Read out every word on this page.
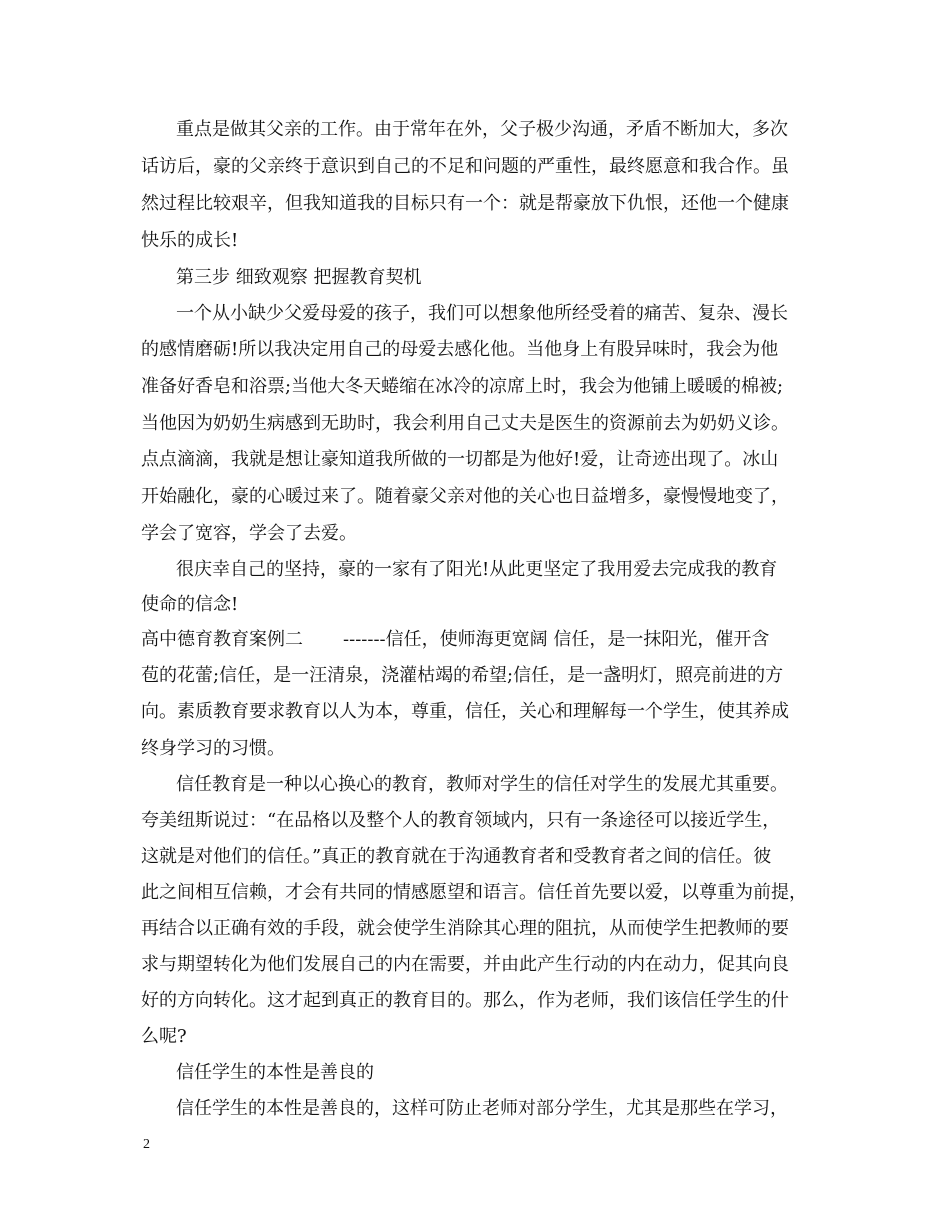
重点是做其父亲的工作。由于常年在外，父子极少沟通，矛盾不断加大，多次
话访后，豪的父亲终于意识到自己的不足和问题的严重性，最终愿意和我合作。虽
然过程比较艰辛，但我知道我的目标只有一个：就是帮豪放下仇恨，还他一个健康
快乐的成长!
第三步 细致观察 把握教育契机
一个从小缺少父爱母爱的孩子，我们可以想象他所经受着的痛苦、复杂、漫长
的感情磨砺!所以我决定用自己的母爱去感化他。当他身上有股异味时，我会为他
准备好香皂和浴票;当他大冬天蜷缩在冰冷的凉席上时，我会为他铺上暖暖的棉被;
当他因为奶奶生病感到无助时，我会利用自己丈夫是医生的资源前去为奶奶义诊。
点点滴滴，我就是想让豪知道我所做的一切都是为他好!爱，让奇迹出现了。冰山
开始融化，豪的心暖过来了。随着豪父亲对他的关心也日益增多，豪慢慢地变了，
学会了宽容，学会了去爱。
很庆幸自己的坚持，豪的一家有了阳光!从此更坚定了我用爱去完成我的教育
使命的信念!
高中德育教育案例二       -------信任，使师海更宽阔 信任，是一抹阳光，催开含
苞的花蕾;信任，是一汪清泉，浇灌枯竭的希望;信任，是一盏明灯，照亮前进的方
向。素质教育要求教育以人为本，尊重，信任，关心和理解每一个学生，使其养成
终身学习的习惯。
信任教育是一种以心换心的教育，教师对学生的信任对学生的发展尤其重要。
夸美纽斯说过：“在品格以及整个人的教育领域内，只有一条途径可以接近学生，
这就是对他们的信任。”真正的教育就在于沟通教育者和受教育者之间的信任。彼
此之间相互信赖，才会有共同的情感愿望和语言。信任首先要以爱，以尊重为前提，
再结合以正确有效的手段，就会使学生消除其心理的阻抗，从而使学生把教师的要
求与期望转化为他们发展自己的内在需要，并由此产生行动的内在动力，促其向良
好的方向转化。这才起到真正的教育目的。那么，作为老师，我们该信任学生的什
么呢?
信任学生的本性是善良的
信任学生的本性是善良的，这样可防止老师对部分学生，尤其是那些在学习，
2
